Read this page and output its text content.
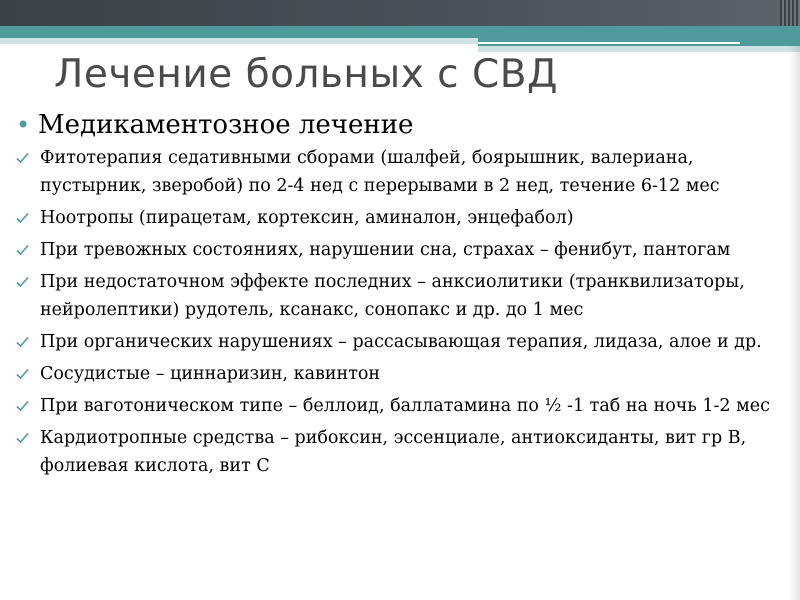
Лечение больных с СВД
• Медикаментозное лечение
Фитотерапия седативными сборами (шалфей, боярышник, валериана, пустырник, зверобой) по 2-4 нед с перерывами в 2 нед, течение 6-12 мес
Ноотропы (пирацетам, кортексин, аминалон, энцефабол)
При тревожных состояниях, нарушении сна, страхах – фенибут, пантогам
При недостаточном эффекте последних – анксиолитики (транквилизаторы, нейролептики) рудотель, ксанакс, сонопакс и др. до 1 мес
При органических нарушениях – рассасывающая терапия, лидаза, алое и др.
Сосудистые – циннаризин, кавинтон
При ваготоническом типе – беллоид, баллатамина по ½ -1 таб на ночь 1-2 мес
Кардиотропные средства – рибоксин, эссенциале, антиоксиданты, вит гр В, фолиевая кислота, вит С
